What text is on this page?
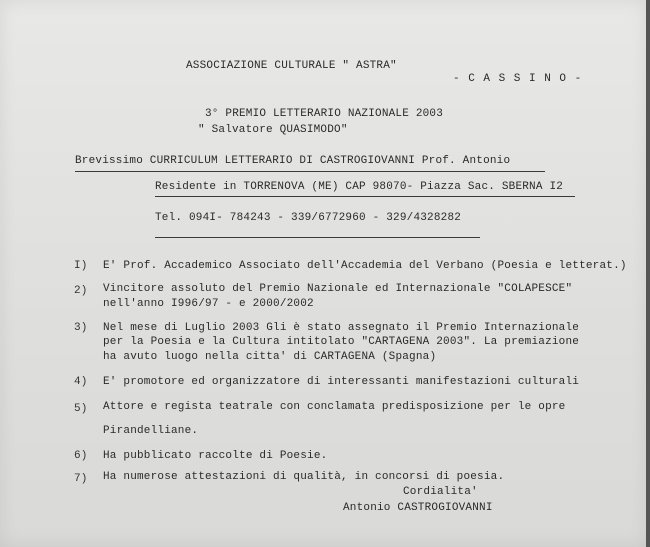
ASSOCIAZIONE CULTURALE " ASTRA"
- C A S S I N O -
3° PREMIO LETTERARIO NAZIONALE 2003
" Salvatore QUASIMODO"
Brevissimo CURRICULUM LETTERARIO DI CASTROGIOVANNI Prof. Antonio
Residente in TORRENOVA (ME) CAP 98070- Piazza Sac. SBERNA I2
Tel. 094I- 784243 - 339/6772960 - 329/4328282
I) E' Prof. Accademico Associato dell'Accademia del Verbano (Poesia e letterat.)
2) Vincitore assoluto del Premio Nazionale ed Internazionale "COLAPESCE"
nell'anno I996/97 - e 2000/2002
3) Nel mese di Luglio 2003 Gli è stato assegnato il Premio Internazionale
per la Poesia e la Cultura intitolato "CARTAGENA 2003". La premiazione
ha avuto luogo nella citta' di CARTAGENA (Spagna)
4) E' promotore ed organizzatore di interessanti manifestazioni culturali
5) Attore e regista teatrale con conclamata predisposizione per le opre
Pirandelliane.
6) Ha pubblicato raccolte di Poesie.
7) Ha numerose attestazioni di qualità, in concorsi di poesia.
Cordialita'
Antonio CASTROGIOVANNI
